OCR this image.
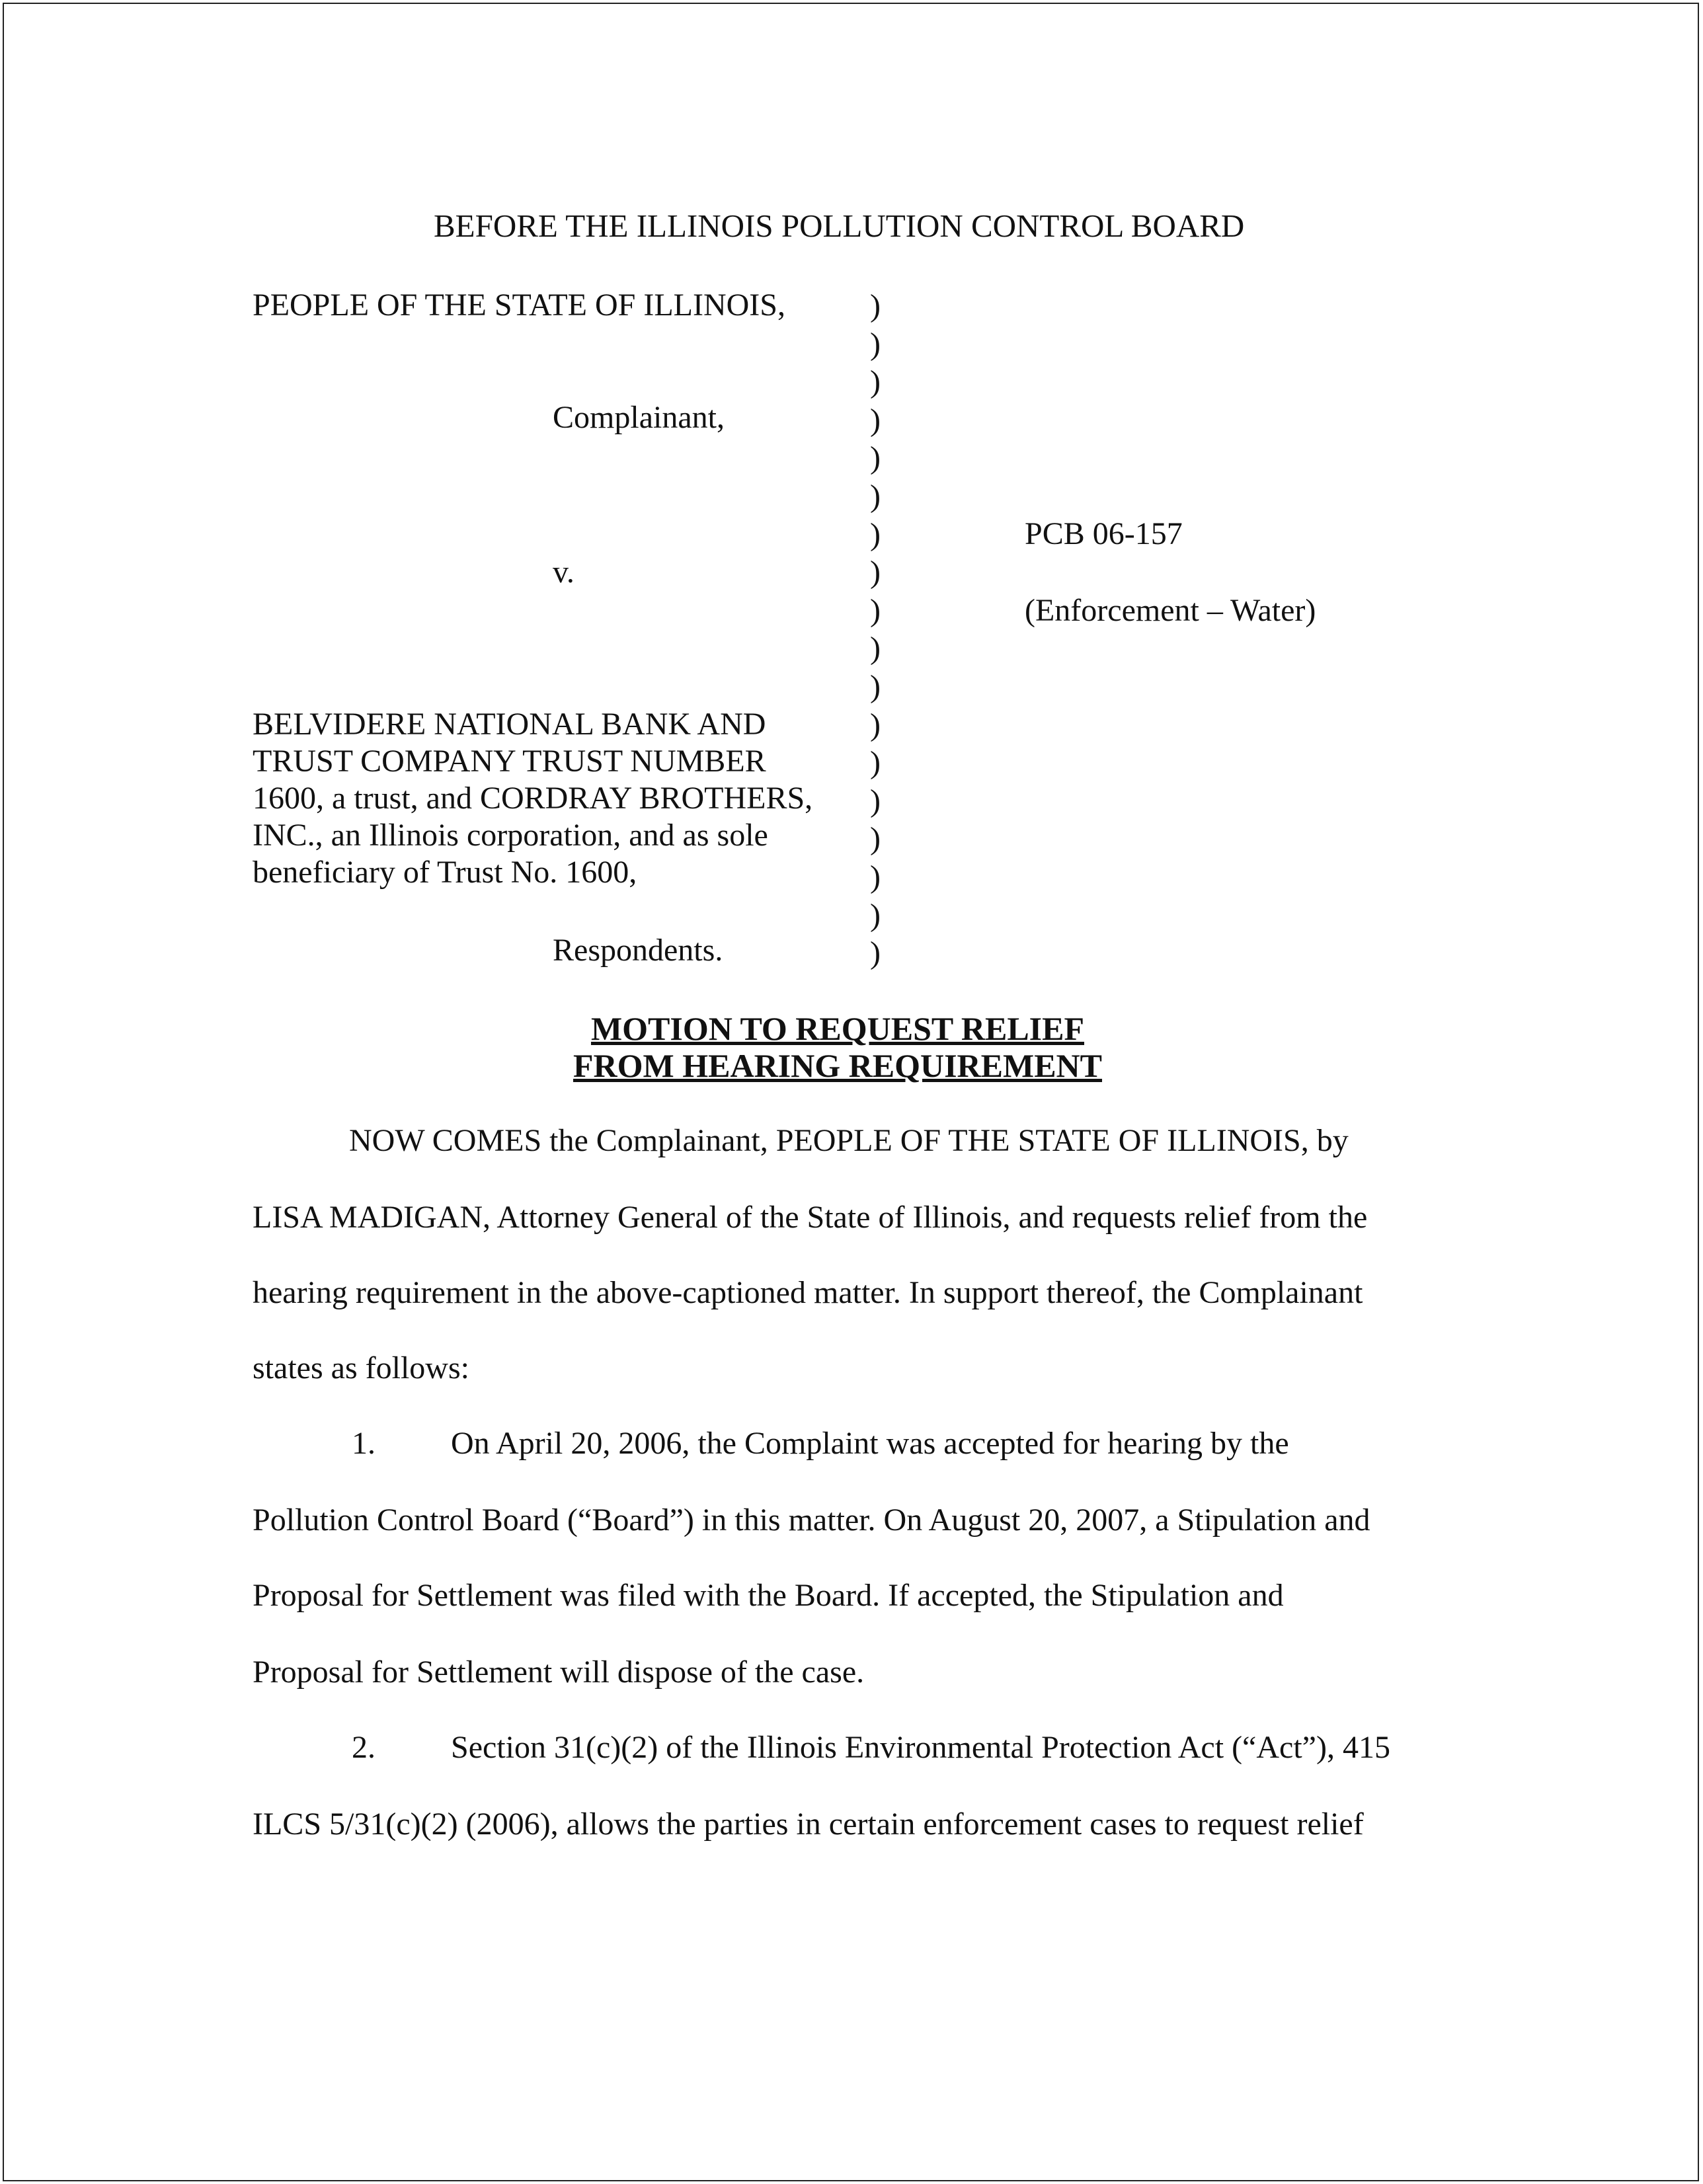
BEFORE THE ILLINOIS POLLUTION CONTROL BOARD
PEOPLE OF THE STATE OF ILLINOIS,
Complainant,
v.
BELVIDERE NATIONAL BANK AND
TRUST COMPANY TRUST NUMBER
1600, a trust, and CORDRAY BROTHERS,
INC., an Illinois corporation, and as sole
beneficiary of Trust No. 1600,
Respondents.
)
)
)
)
)
)
)
)
)
)
)
)
)
)
)
)
)
)
PCB 06-157
(Enforcement – Water)
MOTION TO REQUEST RELIEF
FROM HEARING REQUIREMENT
NOW COMES the Complainant, PEOPLE OF THE STATE OF ILLINOIS, by
LISA MADIGAN, Attorney General of the State of Illinois, and requests relief from the
hearing requirement in the above-captioned matter. In support thereof, the Complainant
states as follows:
1. On April 20, 2006, the Complaint was accepted for hearing by the
Pollution Control Board (“Board”) in this matter. On August 20, 2007, a Stipulation and
Proposal for Settlement was filed with the Board. If accepted, the Stipulation and
Proposal for Settlement will dispose of the case.
2. Section 31(c)(2) of the Illinois Environmental Protection Act (“Act”), 415
ILCS 5/31(c)(2) (2006), allows the parties in certain enforcement cases to request relief
